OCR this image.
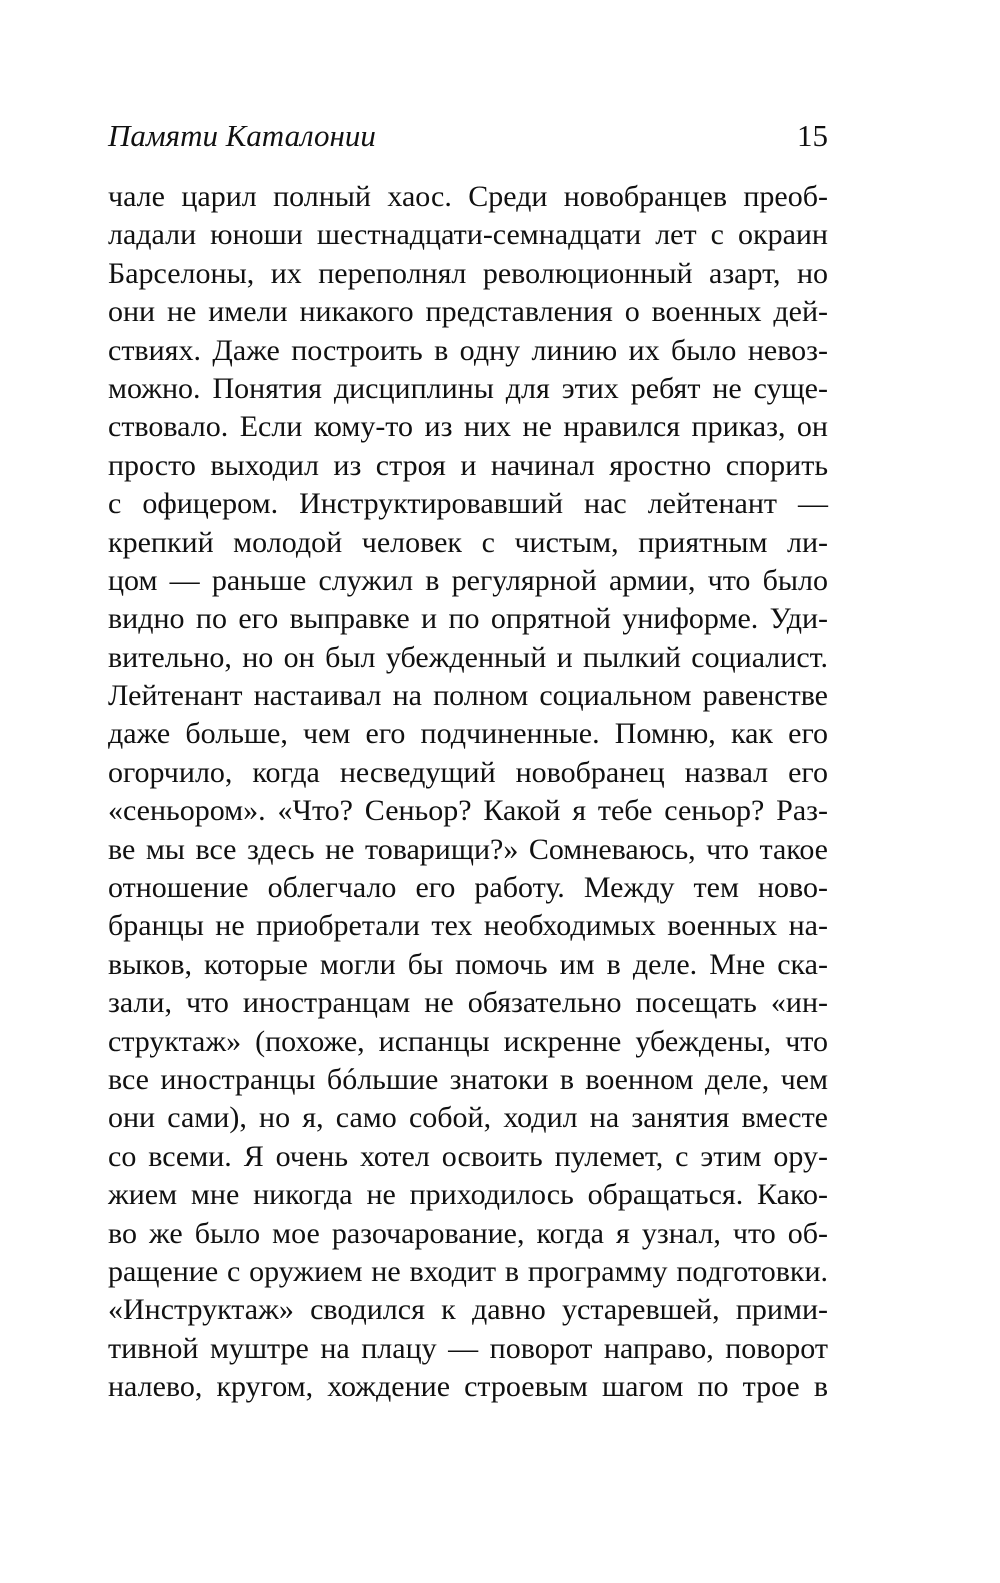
Памяти Каталонии	15
чале царил полный хаос. Среди новобранцев преоб-
ладали юноши шестнадцати-семнадцати лет с окраин
Барселоны, их переполнял революционный азарт, но
они не имели никакого представления о военных дей-
ствиях. Даже построить в одну линию их было невоз-
можно. Понятия дисциплины для этих ребят не суще-
ствовало. Если кому-то из них не нравился приказ, он
просто выходил из строя и начинал яростно спорить
с офицером. Инструктировавший нас лейтенант —
крепкий молодой человек с чистым, приятным ли-
цом — раньше служил в регулярной армии, что было
видно по его выправке и по опрятной униформе. Уди-
вительно, но он был убежденный и пылкий социалист.
Лейтенант настаивал на полном социальном равенстве
даже больше, чем его подчиненные. Помню, как его
огорчило, когда несведущий новобранец назвал его
«сеньором». «Что? Сеньор? Какой я тебе сеньор? Раз-
ве мы все здесь не товарищи?» Сомневаюсь, что такое
отношение облегчало его работу. Между тем ново-
бранцы не приобретали тех необходимых военных на-
выков, которые могли бы помочь им в деле. Мне ска-
зали, что иностранцам не обязательно посещать «ин-
структаж» (похоже, испанцы искренне убеждены, что
все иностранцы бóльшие знатоки в военном деле, чем
они сами), но я, само собой, ходил на занятия вместе
со всеми. Я очень хотел освоить пулемет, с этим ору-
жием мне никогда не приходилось обращаться. Како-
во же было мое разочарование, когда я узнал, что об-
ращение с оружием не входит в программу подготовки.
«Инструктаж» сводился к давно устаревшей, прими-
тивной муштре на плацу — поворот направо, поворот
налево, кругом, хождение строевым шагом по трое в
